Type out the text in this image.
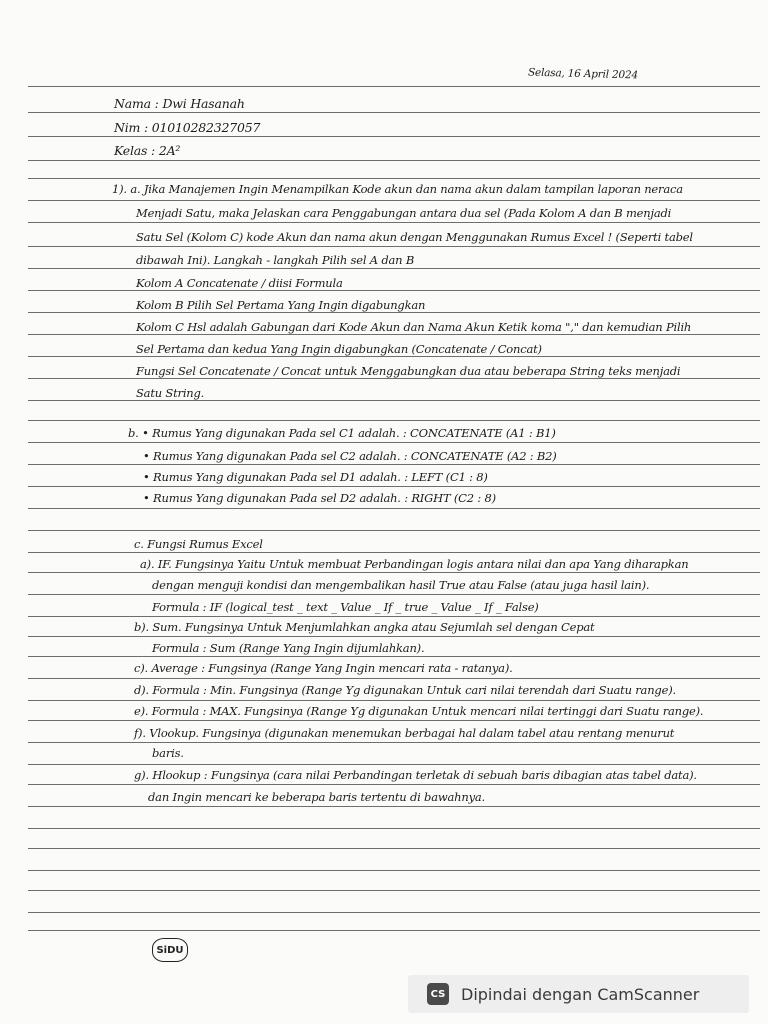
Selasa, 16 April 2024
Nama : Dwi Hasanah
Nim : 01010282327057
Kelas : 2A²
1). a. Jika Manajemen Ingin Menampilkan Kode akun dan nama akun dalam tampilan laporan neraca
Menjadi Satu, maka Jelaskan cara Penggabungan antara dua sel (Pada Kolom A dan B menjadi
Satu Sel (Kolom C) kode Akun dan nama akun dengan Menggunakan Rumus Excel ! (Seperti tabel
dibawah Ini). Langkah - langkah Pilih sel A dan B
Kolom A Concatenate / diisi Formula
Kolom B Pilih Sel Pertama Yang Ingin digabungkan
Kolom C Hsl adalah Gabungan dari Kode Akun dan Nama Akun Ketik koma "," dan kemudian Pilih
Sel Pertama dan kedua Yang Ingin digabungkan (Concatenate / Concat)
Fungsi Sel Concatenate / Concat untuk Menggabungkan dua atau beberapa String teks menjadi
Satu String.
b. • Rumus Yang digunakan Pada sel C1 adalah. : CONCATENATE (A1 : B1)
• Rumus Yang digunakan Pada sel C2 adalah. : CONCATENATE (A2 : B2)
• Rumus Yang digunakan Pada sel D1 adalah. : LEFT (C1 : 8)
• Rumus Yang digunakan Pada sel D2 adalah. : RIGHT (C2 : 8)
c. Fungsi Rumus Excel
a). IF. Fungsinya Yaitu Untuk membuat Perbandingan logis antara nilai dan apa Yang diharapkan
dengan menguji kondisi dan mengembalikan hasil True atau False (atau juga hasil lain).
Formula : IF (logical_test _ text _ Value _ If _ true _ Value _ If _ False)
b). Sum. Fungsinya Untuk Menjumlahkan angka atau Sejumlah sel dengan Cepat
Formula : Sum (Range Yang Ingin dijumlahkan).
c). Average : Fungsinya (Range Yang Ingin mencari rata - ratanya).
d). Formula : Min. Fungsinya (Range Yg digunakan Untuk cari nilai terendah dari Suatu range).
e). Formula : MAX. Fungsinya (Range Yg digunakan Untuk mencari nilai tertinggi dari Suatu range).
f). Vlookup. Fungsinya (digunakan menemukan berbagai hal dalam tabel atau rentang menurut
baris.
g). Hlookup : Fungsinya (cara nilai Perbandingan terletak di sebuah baris dibagian atas tabel data).
dan Ingin mencari ke beberapa baris tertentu di bawahnya.
SiDU
CS Dipindai dengan CamScanner
